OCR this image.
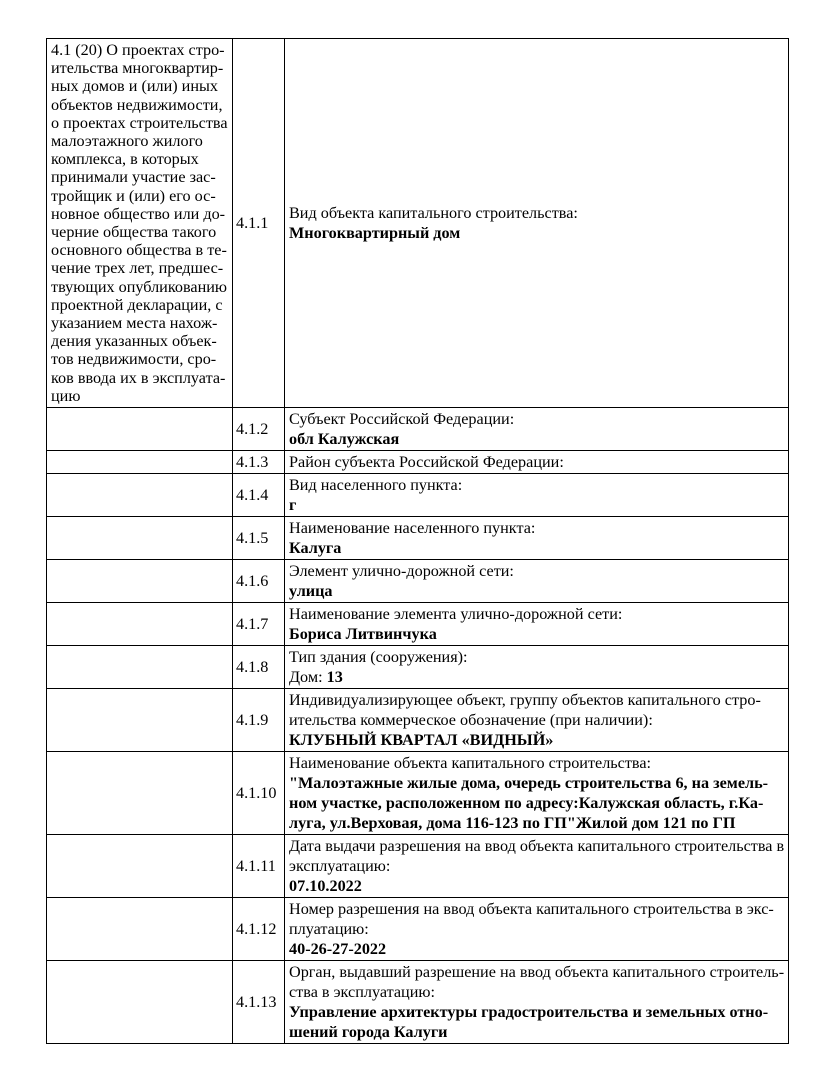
4.1 (20) О проектах стро-
ительства многоквартир-
ных домов и (или) иных
объектов недвижимости,
о проектах строительства
малоэтажного жилого
комплекса, в которых
принимали участие зас-
тройщик и (или) его ос-
новное общество или до-
черние общества такого
основного общества в те-
чение трех лет, предшес-
твующих опубликованию
проектной декларации, с
указанием места нахож-
дения указанных объек-
тов недвижимости, сро-
ков ввода их в эксплуата-
цию	4.1.1	
Вид объекта капитального строительства:
Многоквартирный дом

	4.1.2	Субъект Российской Федерации:
обл Калужская

	4.1.3	Район субъекта Российской Федерации:

	4.1.4	Вид населенного пункта:
г

	4.1.5	Наименование населенного пункта:
Калуга

	4.1.6	Элемент улично-дорожной сети:
улица

	4.1.7	Наименование элемента улично-дорожной сети:
Бориса Литвинчука

	4.1.8	Тип здания (сооружения):
Дом: 13

	4.1.9	Индивидуализирующее объект, группу объектов капитального стро-
ительства коммерческое обозначение (при наличии):
КЛУБНЫЙ КВАРТАЛ «ВИДНЫЙ»

	4.1.10	Наименование объекта капитального строительства:
"Малоэтажные жилые дома, очередь строительства 6, на земель-
ном участке, расположенном по адресу:Калужская область, г.Ка-
луга, ул.Верховая, дома 116-123 по ГП"Жилой дом 121 по ГП

	4.1.11	Дата выдачи разрешения на ввод объекта капитального строительства в
эксплуатацию:
07.10.2022

	4.1.12	Номер разрешения на ввод объекта капитального строительства в экс-
плуатацию:
40-26-27-2022

	4.1.13	Орган, выдавший разрешение на ввод объекта капитального строитель-
ства в эксплуатацию:
Управление архитектуры градостроительства и земельных отно-
шений города Калуги
